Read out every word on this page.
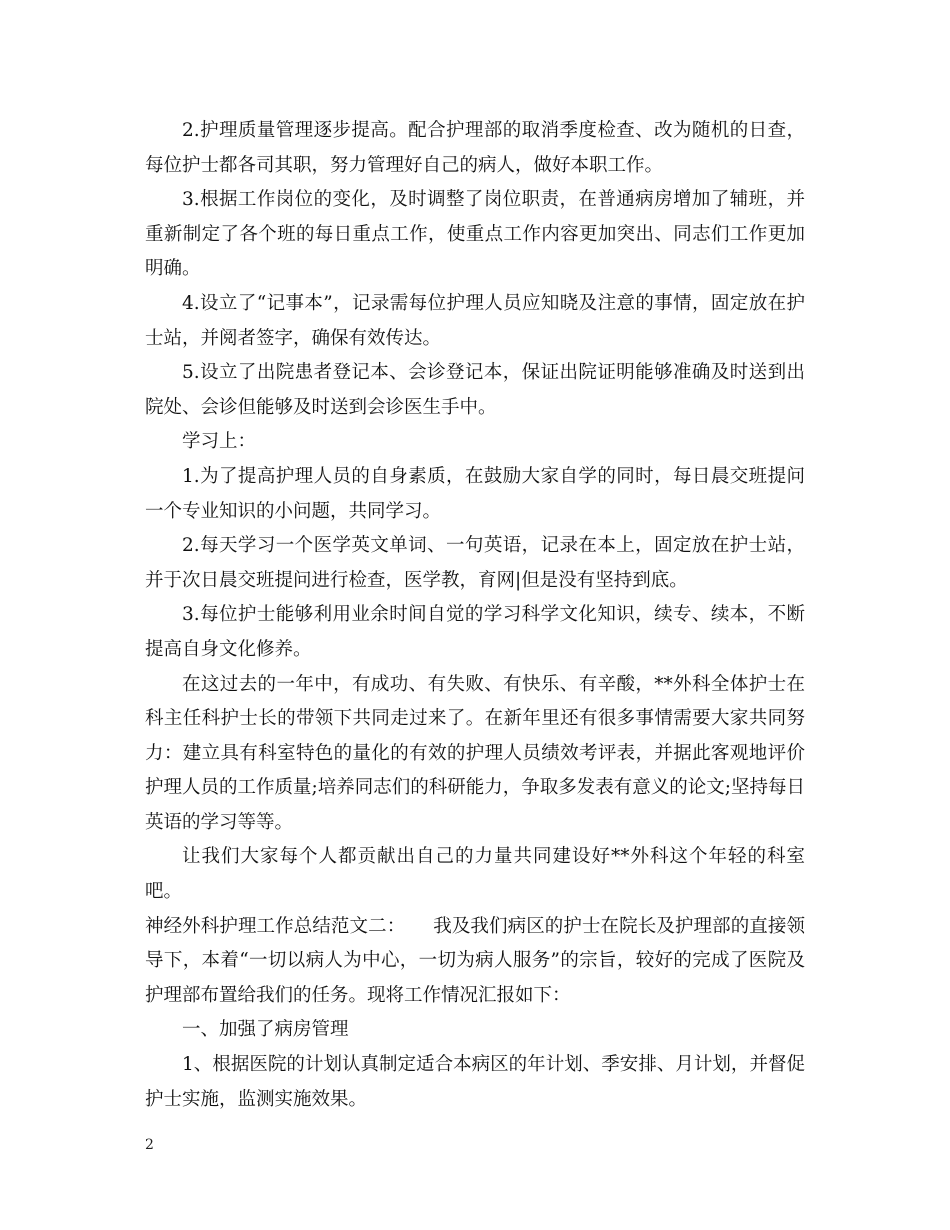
2.护理质量管理逐步提高。配合护理部的取消季度检查、改为随机的日查，每位护士都各司其职，努力管理好自己的病人，做好本职工作。

3.根据工作岗位的变化，及时调整了岗位职责，在普通病房增加了辅班，并重新制定了各个班的每日重点工作，使重点工作内容更加突出、同志们工作更加明确。

4.设立了“记事本”，记录需每位护理人员应知晓及注意的事情，固定放在护士站，并阅者签字，确保有效传达。

5.设立了出院患者登记本、会诊登记本，保证出院证明能够准确及时送到出院处、会诊但能够及时送到会诊医生手中。

学习上：

1.为了提高护理人员的自身素质，在鼓励大家自学的同时，每日晨交班提问一个专业知识的小问题，共同学习。

2.每天学习一个医学英文单词、一句英语，记录在本上，固定放在护士站，并于次日晨交班提问进行检查，医学教，育网|但是没有坚持到底。

3.每位护士能够利用业余时间自觉的学习科学文化知识，续专、续本，不断提高自身文化修养。

在这过去的一年中，有成功、有失败、有快乐、有辛酸，**外科全体护士在科主任科护士长的带领下共同走过来了。在新年里还有很多事情需要大家共同努力：建立具有科室特色的量化的有效的护理人员绩效考评表，并据此客观地评价护理人员的工作质量;培养同志们的科研能力，争取多发表有意义的论文;坚持每日英语的学习等等。

让我们大家每个人都贡献出自己的力量共同建设好**外科这个年轻的科室吧。

神经外科护理工作总结范文二：　　我及我们病区的护士在院长及护理部的直接领导下，本着“一切以病人为中心，一切为病人服务”的宗旨，较好的完成了医院及护理部布置给我们的任务。现将工作情况汇报如下：

一、加强了病房管理

1、根据医院的计划认真制定适合本病区的年计划、季安排、月计划，并督促护士实施，监测实施效果。

2
